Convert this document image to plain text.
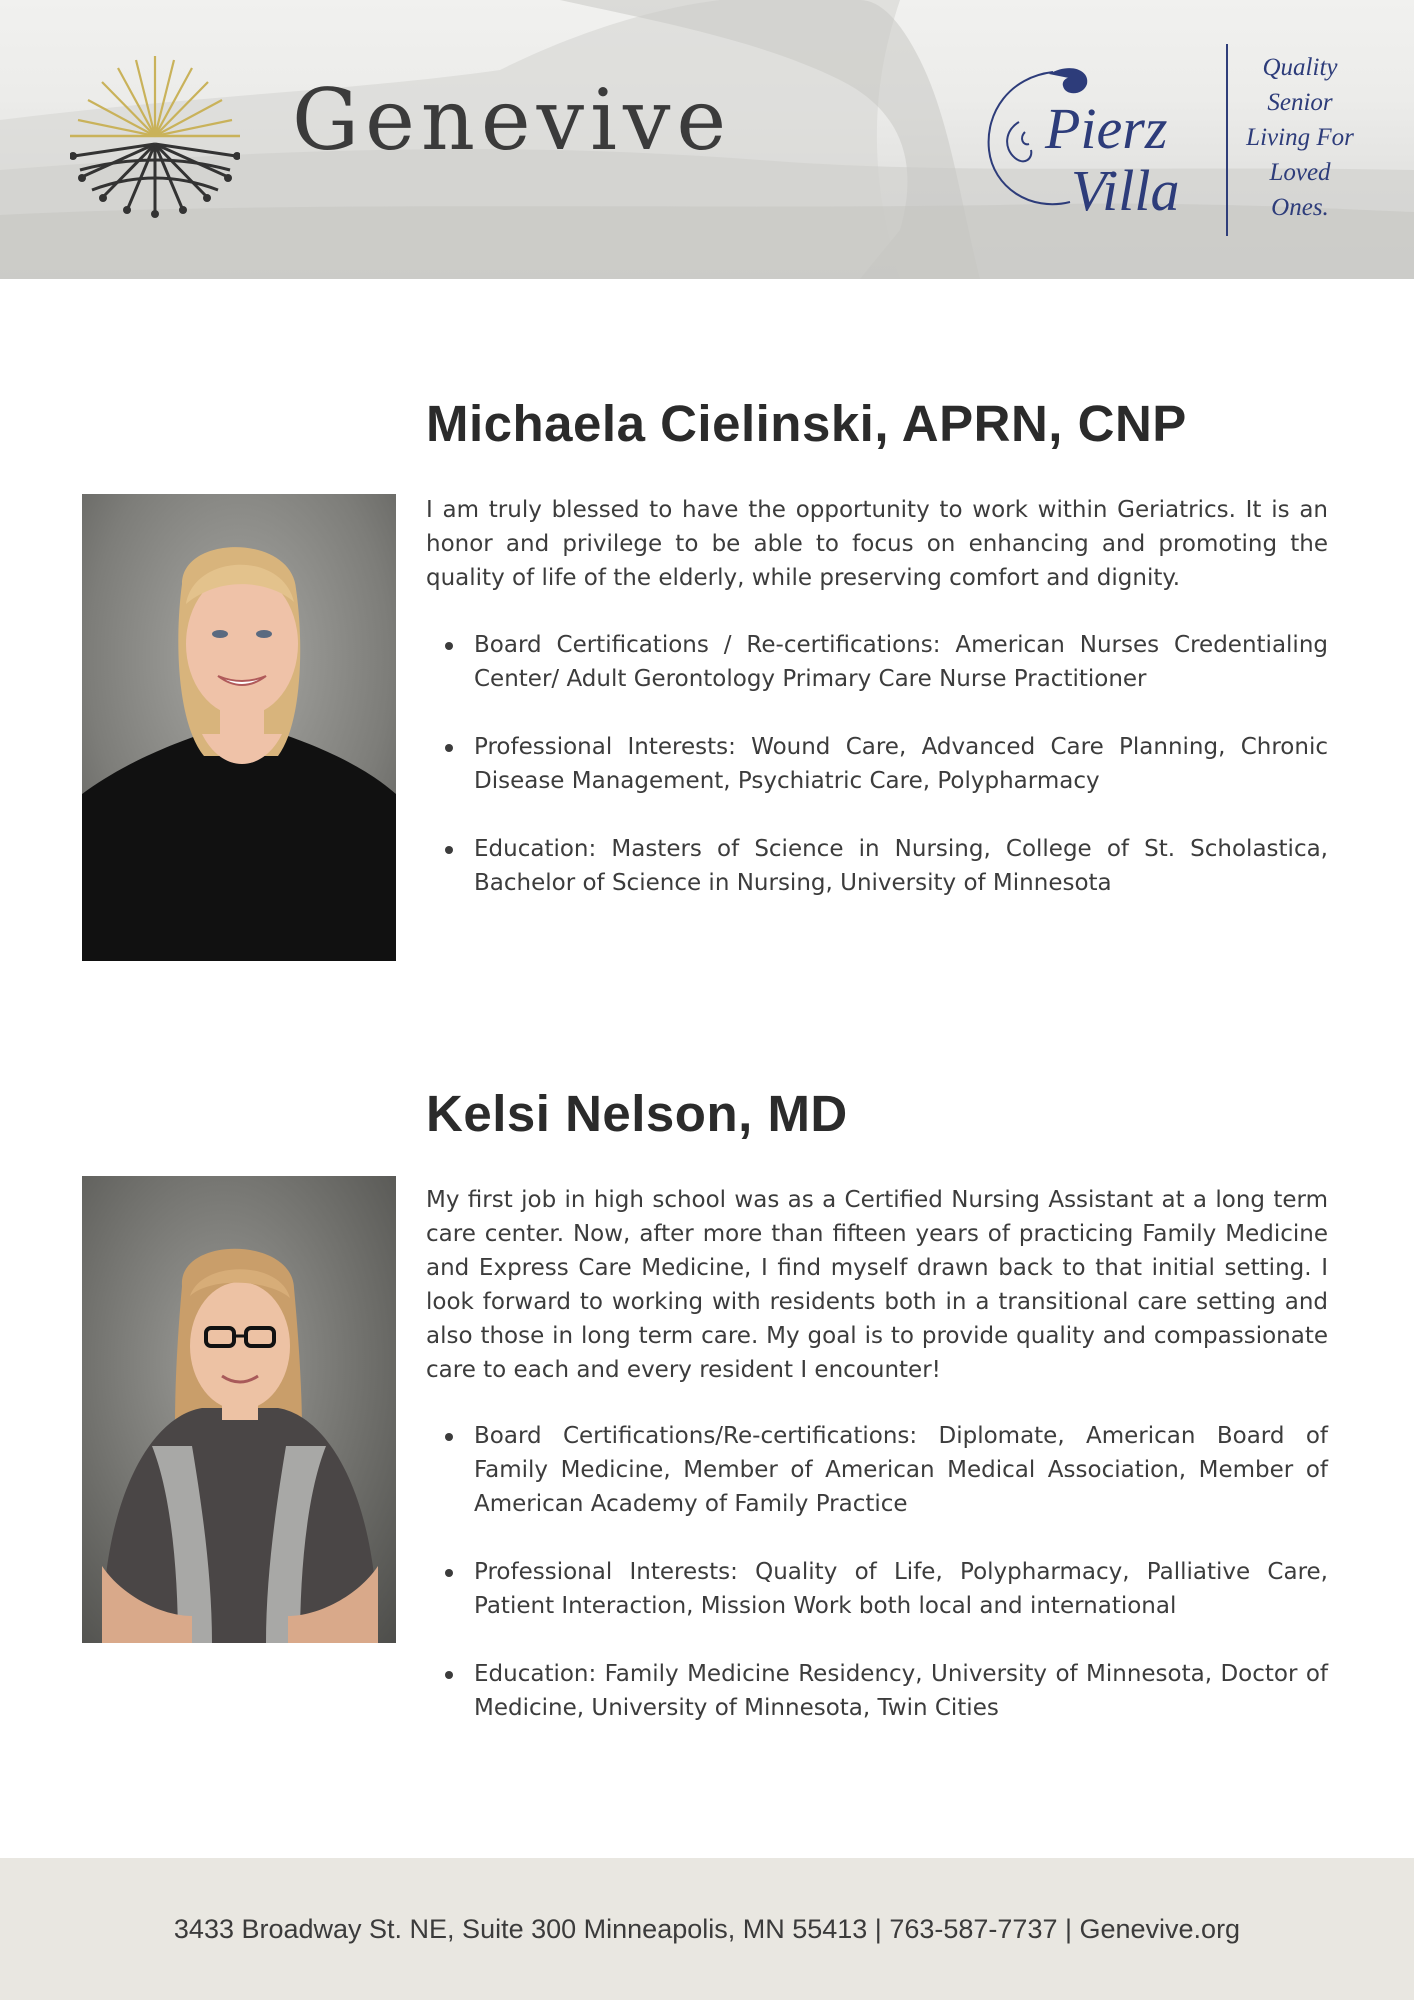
Genevive	Pierz
Villa
Quality
Senior
Living For
Loved
Ones.
Michaela Cielinski, APRN, CNP

I am truly blessed to have the opportunity to work within Geriatrics. It is an honor and privilege to be able to focus on enhancing and promoting the quality of life of the elderly, while preserving comfort and dignity.

Board Certifications / Re-certifications: American Nurses Credentialing Center/ Adult Gerontology Primary Care Nurse Practitioner
Professional Interests: Wound Care, Advanced Care Planning, Chronic Disease Management, Psychiatric Care, Polypharmacy
Education: Masters of Science in Nursing, College of St. Scholastica, Bachelor of Science in Nursing, University of Minnesota
Kelsi Nelson, MD

My first job in high school was as a Certified Nursing Assistant at a long term care center. Now, after more than fifteen years of practicing Family Medicine and Express Care Medicine, I find myself drawn back to that initial setting. I look forward to working with residents both in a transitional care setting and also those in long term care. My goal is to provide quality and compassionate care to each and every resident I encounter!

Board Certifications/Re-certifications: Diplomate, American Board of Family Medicine, Member of American Medical Association, Member of American Academy of Family Practice
Professional Interests: Quality of Life, Polypharmacy, Palliative Care, Patient Interaction, Mission Work both local and international
Education: Family Medicine Residency, University of Minnesota, Doctor of Medicine, University of Minnesota, Twin Cities
3433 Broadway St. NE, Suite 300 Minneapolis, MN 55413 | 763-587-7737 | Genevive.org
